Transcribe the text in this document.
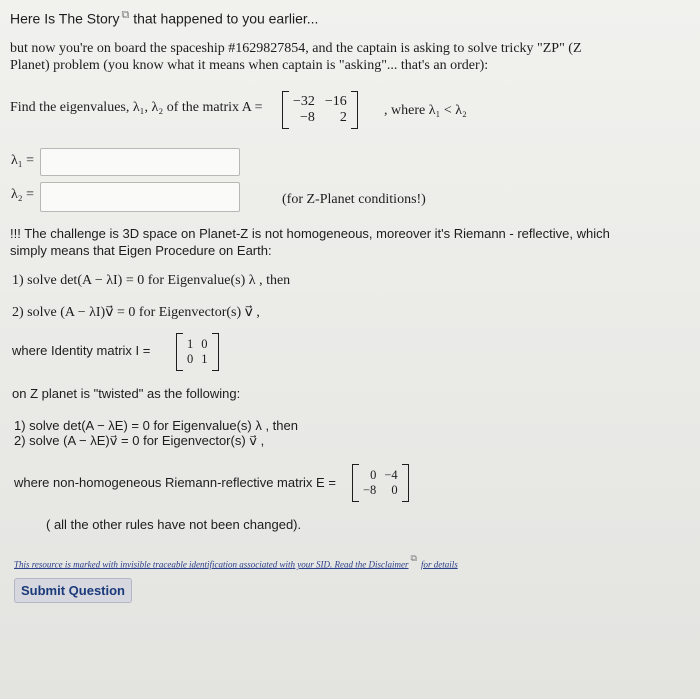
Here Is The Story ⧉ that happened to you earlier...
but now you're on board the spaceship #1629827854, and the captain is asking to solve tricky "ZP" (Z
Planet) problem (you know what it means when captain is "asking"... that's an order):
Find the eigenvalues, λ₁, λ₂ of the matrix A = −32 −16
−8	2	, where λ₁ < λ₂
λ₁ =
λ₂ =	(for Z-Planet conditions!)
!!! The challenge is 3D space on Planet-Z is not homogeneous, moreover it's Riemann - reflective, which
simply means that Eigen Procedure on Earth:
1) solve det(A − λI) = 0 for Eigenvalue(s) λ , then
2) solve (A − λI)v⃗ = 0 for Eigenvector(s) v⃗ ,
where Identity matrix I =	1 0
0 1
on Z planet is "twisted" as the following:
1) solve det(A − λE) = 0 for Eigenvalue(s) λ , then
2) solve (A − λE)v⃗ = 0 for Eigenvector(s) v⃗ ,
where non-homogeneous Riemann-reflective matrix E =	0 −4
−8	0
( all the other rules have not been changed).
This resource is marked with invisible traceable identification associated with your SID. Read the Disclaimer⧉ for details
Submit Question
